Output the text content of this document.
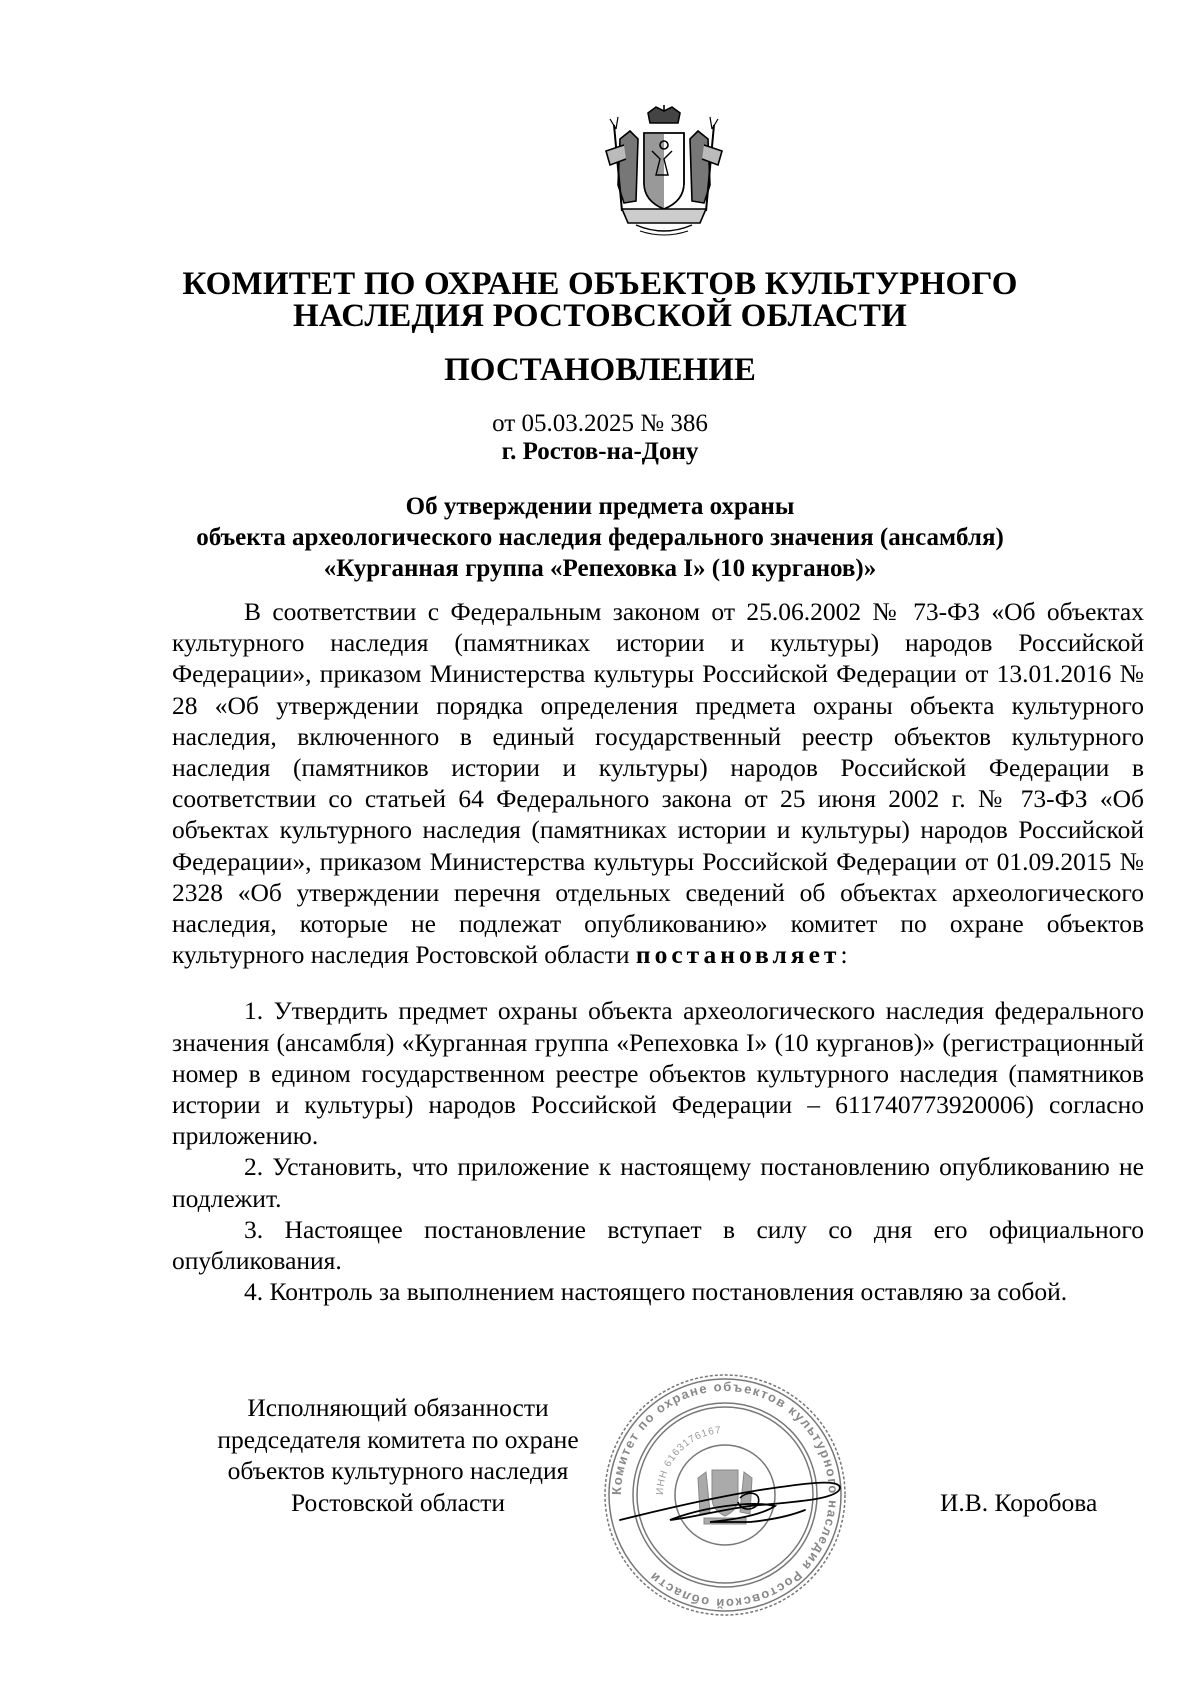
КОМИТЕТ ПО ОХРАНЕ ОБЪЕКТОВ КУЛЬТУРНОГО
НАСЛЕДИЯ РОСТОВСКОЙ ОБЛАСТИ
ПОСТАНОВЛЕНИЕ
от 05.03.2025 № 386
г. Ростов-на-Дону
Об утверждении предмета охраны
объекта археологического наследия федерального значения (ансамбля)
«Курганная группа «Репеховка I» (10 курганов)»

В соответствии с Федеральным законом от 25.06.2002 № 73-ФЗ «Об объектах культурного наследия (памятниках истории и культуры) народов Российской Федерации», приказом Министерства культуры Российской Федерации от 13.01.2016 № 28 «Об утверждении порядка определения предмета охраны объекта культурного наследия, включенного в единый государственный реестр объектов культурного наследия (памятников истории и культуры) народов Российской Федерации в соответствии со статьей 64 Федерального закона от 25 июня 2002 г. № 73-ФЗ «Об объектах культурного наследия (памятниках истории и культуры) народов Российской Федерации», приказом Министерства культуры Российской Федерации от 01.09.2015 № 2328 «Об утверждении перечня отдельных сведений об объектах археологического наследия, которые не подлежат опубликованию» комитет по охране объектов культурного наследия Ростовской области постановляет:

1. Утвердить предмет охраны объекта археологического наследия федерального значения (ансамбля) «Курганная группа «Репеховка I» (10 курганов)» (регистрационный номер в едином государственном реестре объектов культурного наследия (памятников истории и культуры) народов Российской Федерации – 611740773920006) согласно приложению.

2. Установить, что приложение к настоящему постановлению опубликованию не подлежит.

3. Настоящее постановление вступает в силу со дня его официального опубликования.

4. Контроль за выполнением настоящего постановления оставляю за собой.

Исполняющий обязанности
председателя комитета по охране
объектов культурного наследия
Ростовской области	Комитет по охране объектов культурного наследия Ростовской области
ИНН 6163176167
И.В. Коробова
